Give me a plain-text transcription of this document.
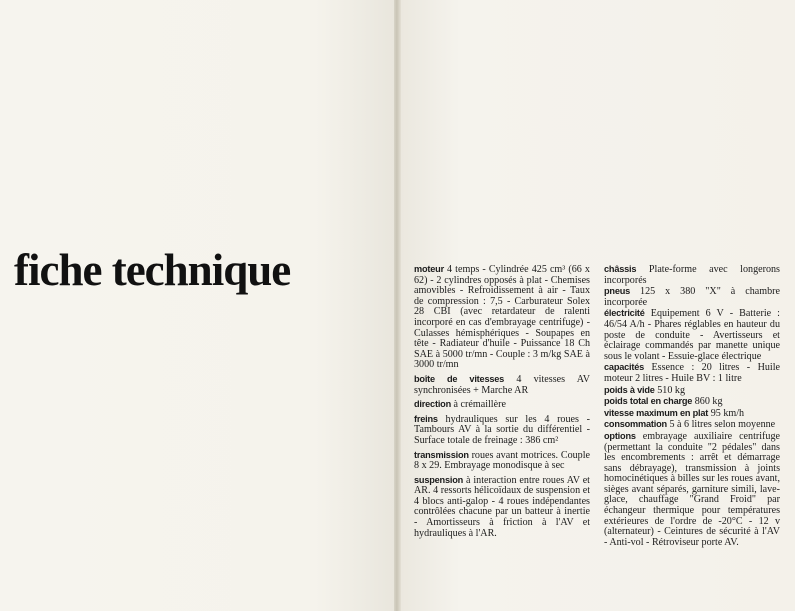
fiche technique	moteur 4 temps - Cylindrée 425 cm³ (66 x 62) - 2 cylindres opposés à plat - Chemises amovibles - Refroidissement à air - Taux de compression : 7,5 - Carburateur Solex 28 CBI (avec retardateur de ralenti incorporé en cas d'embrayage centrifuge) - Culasses hémisphériques - Soupapes en tête - Radiateur d'huile - Puissance 18 Ch SAE à 5000 tr/mn - Couple : 3 m/kg SAE à 3000 tr/mn

boîte de vitesses 4 vitesses AV synchronisées + Marche AR

direction à crémaillère

freins hydrauliques sur les 4 roues - Tambours AV à la sortie du différentiel - Surface totale de freinage : 386 cm²

transmission roues avant motrices. Couple 8 x 29. Embrayage monodisque à sec

suspension à interaction entre roues AV et AR. 4 ressorts hélicoïdaux de suspension et 4 blocs anti-galop - 4 roues indépendantes contrôlées chacune par un batteur à inertie - Amortisseurs à friction à l'AV et hydrauliques à l'AR.

châssis Plate-forme avec longerons incorporés

pneus 125 x 380 "X" à chambre incorporée

électricité Equipement 6 V - Batterie : 46/54 A/h - Phares réglables en hauteur du poste de conduite - Avertisseurs et éclairage commandés par manette unique sous le volant - Essuie-glace électrique

capacités Essence : 20 litres - Huile moteur 2 litres - Huile BV : 1 litre

poids à vide 510 kg

poids total en charge 860 kg

vitesse maximum en plat 95 km/h

consommation 5 à 6 litres selon moyenne

options embrayage auxiliaire centrifuge (permettant la conduite "2 pédales" dans les encombrements : arrêt et démarrage sans débrayage), transmission à joints homocinétiques à billes sur les roues avant, sièges avant séparés, garniture simili, lave-glace, chauffage "Grand Froid" par échangeur thermique pour températures extérieures de l'ordre de -20°C - 12 v (alternateur) - Ceintures de sécurité à l'AV - Anti-vol - Rétroviseur porte AV.
